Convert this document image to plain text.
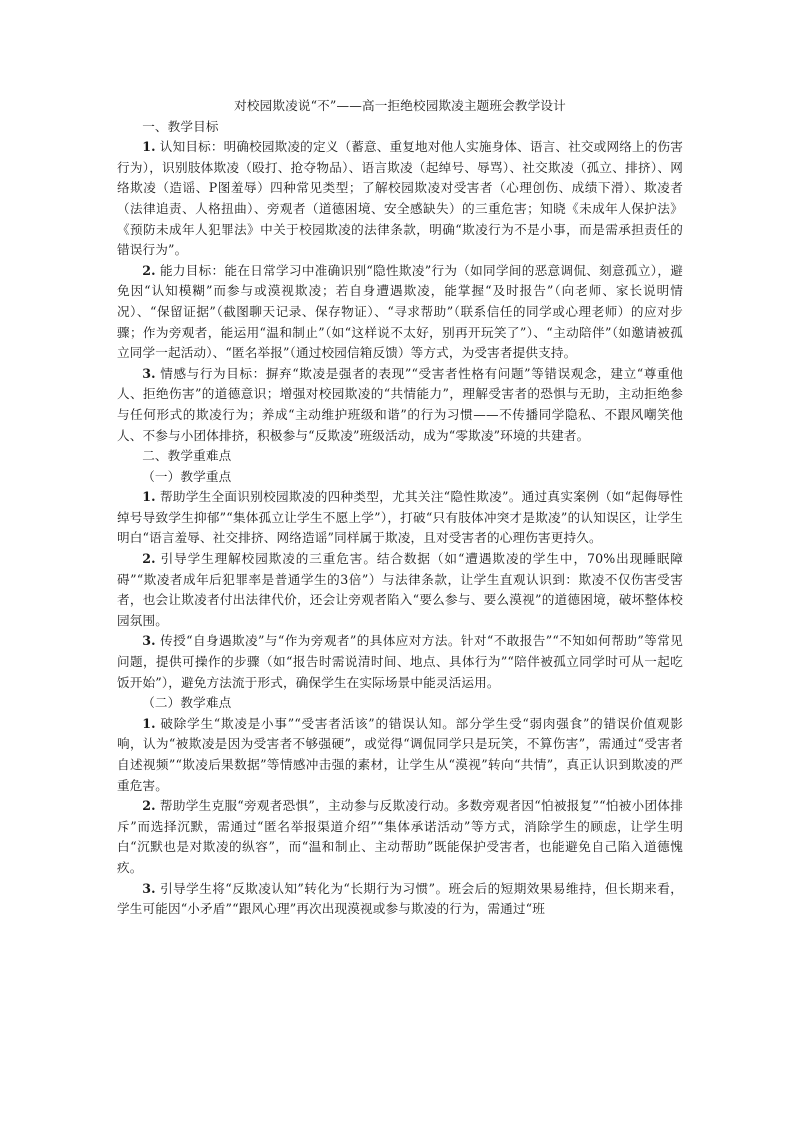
对校园欺凌说“不”——高一拒绝校园欺凌主题班会教学设计

一、教学目标

1. 认知目标：明确校园欺凌的定义（蓄意、重复地对他人实施身体、语言、社交或网络上的伤害行为），识别肢体欺凌（殴打、抢夺物品）、语言欺凌（起绰号、辱骂）、社交欺凌（孤立、排挤）、网络欺凌（造谣、P图羞辱）四种常见类型；了解校园欺凌对受害者（心理创伤、成绩下滑）、欺凌者（法律追责、人格扭曲）、旁观者（道德困境、安全感缺失）的三重危害；知晓《未成年人保护法》《预防未成年人犯罪法》中关于校园欺凌的法律条款，明确“欺凌行为不是小事，而是需承担责任的错误行为”。

2. 能力目标：能在日常学习中准确识别“隐性欺凌”行为（如同学间的恶意调侃、刻意孤立），避免因“认知模糊”而参与或漠视欺凌；若自身遭遇欺凌，能掌握“及时报告”（向老师、家长说明情况）、“保留证据”（截图聊天记录、保存物证）、“寻求帮助”（联系信任的同学或心理老师）的应对步骤；作为旁观者，能运用“温和制止”（如“这样说不太好，别再开玩笑了”）、“主动陪伴”（如邀请被孤立同学一起活动）、“匿名举报”（通过校园信箱反馈）等方式，为受害者提供支持。

3. 情感与行为目标：摒弃“欺凌是强者的表现”“受害者性格有问题”等错误观念，建立“尊重他人、拒绝伤害”的道德意识；增强对校园欺凌的“共情能力”，理解受害者的恐惧与无助，主动拒绝参与任何形式的欺凌行为；养成“主动维护班级和谐”的行为习惯——不传播同学隐私、不跟风嘲笑他人、不参与小团体排挤，积极参与“反欺凌”班级活动，成为“零欺凌”环境的共建者。

二、教学重难点

（一）教学重点

1. 帮助学生全面识别校园欺凌的四种类型，尤其关注“隐性欺凌”。通过真实案例（如“起侮辱性绰号导致学生抑郁”“集体孤立让学生不愿上学”），打破“只有肢体冲突才是欺凌”的认知误区，让学生明白“语言羞辱、社交排挤、网络造谣”同样属于欺凌，且对受害者的心理伤害更持久。

2. 引导学生理解校园欺凌的三重危害。结合数据（如“遭遇欺凌的学生中，70%出现睡眠障碍”“欺凌者成年后犯罪率是普通学生的3倍”）与法律条款，让学生直观认识到：欺凌不仅伤害受害者，也会让欺凌者付出法律代价，还会让旁观者陷入“要么参与、要么漠视”的道德困境，破坏整体校园氛围。

3. 传授“自身遇欺凌”与“作为旁观者”的具体应对方法。针对“不敢报告”“不知如何帮助”等常见问题，提供可操作的步骤（如“报告时需说清时间、地点、具体行为”“陪伴被孤立同学时可从一起吃饭开始”），避免方法流于形式，确保学生在实际场景中能灵活运用。

（二）教学难点

1. 破除学生“欺凌是小事”“受害者活该”的错误认知。部分学生受“弱肉强食”的错误价值观影响，认为“被欺凌是因为受害者不够强硬”，或觉得“调侃同学只是玩笑，不算伤害”，需通过“受害者自述视频”“欺凌后果数据”等情感冲击强的素材，让学生从“漠视”转向“共情”，真正认识到欺凌的严重危害。

2. 帮助学生克服“旁观者恐惧”，主动参与反欺凌行动。多数旁观者因“怕被报复”“怕被小团体排斥”而选择沉默，需通过“匿名举报渠道介绍”“集体承诺活动”等方式，消除学生的顾虑，让学生明白“沉默也是对欺凌的纵容”，而“温和制止、主动帮助”既能保护受害者，也能避免自己陷入道德愧疚。

3. 引导学生将“反欺凌认知”转化为“长期行为习惯”。班会后的短期效果易维持，但长期来看，学生可能因“小矛盾”“跟风心理”再次出现漠视或参与欺凌的行为，需通过“班
